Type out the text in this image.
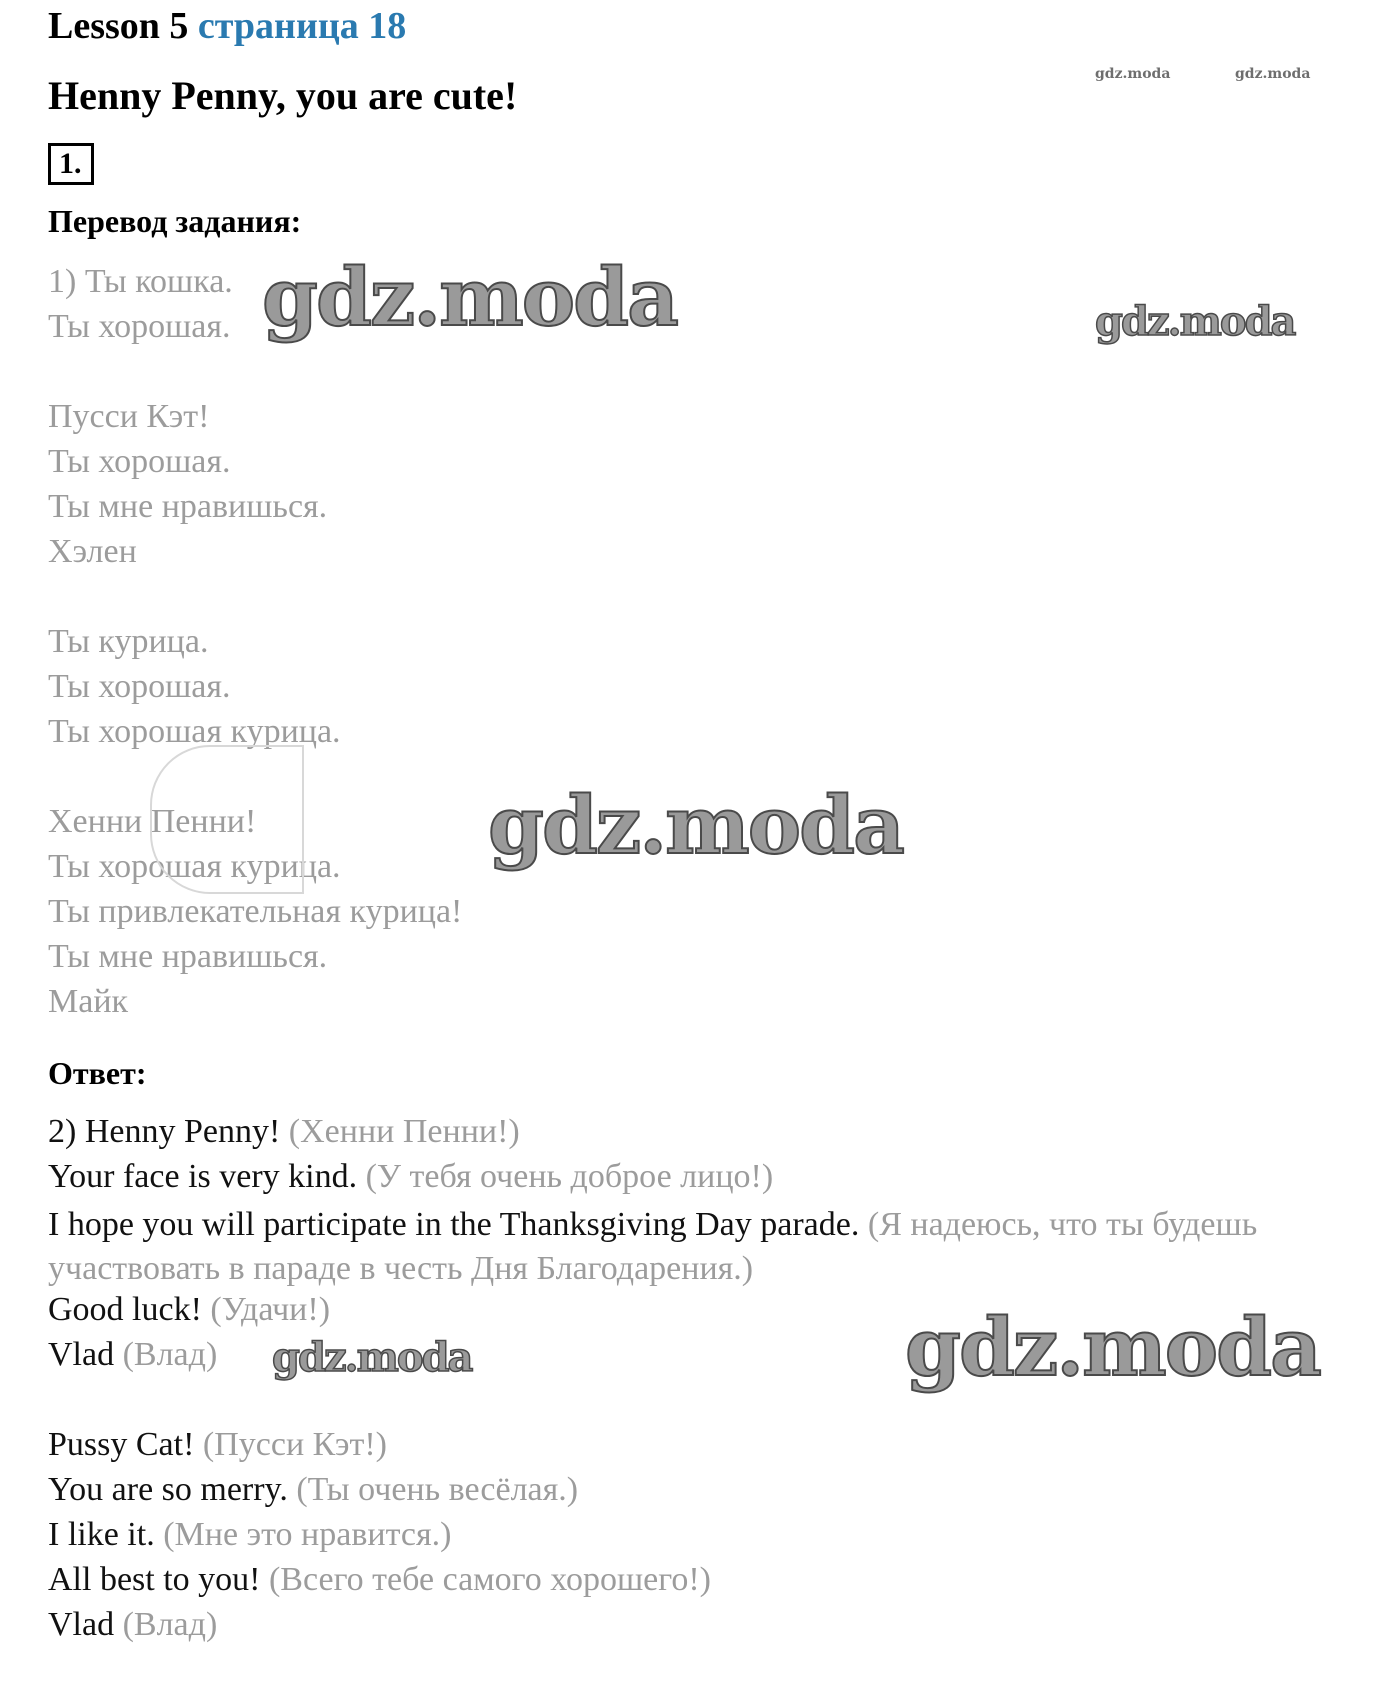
Lesson 5 страница 18
Henny Penny, you are cute!
1.
Перевод задания:
1) Ты кошка.
Ты хорошая.
Пусси Кэт!
Ты хорошая.
Ты мне нравишься.
Хэлен
Ты курица.
Ты хорошая.
Ты хорошая курица.
Хенни Пенни!
Ты хорошая курица.
Ты привлекательная курица!
Ты мне нравишься.
Майк
Ответ:
2) Henny Penny! (Хенни Пенни!)
Your face is very kind. (У тебя очень доброе лицо!)
I hope you will participate in the Thanksgiving Day parade. (Я надеюсь, что ты будешь участвовать в параде в честь Дня Благодарения.)
Good luck! (Удачи!)
Vlad (Влад)
Pussy Cat! (Пусси Кэт!)
You are so merry. (Ты очень весёлая.)
I like it. (Мне это нравится.)
All best to you! (Всего тебе самого хорошего!)
Vlad (Влад)
gdz.moda	gdz.moda
gdz.moda	gdz.moda
gdz.moda
gdz.moda	gdz.moda
